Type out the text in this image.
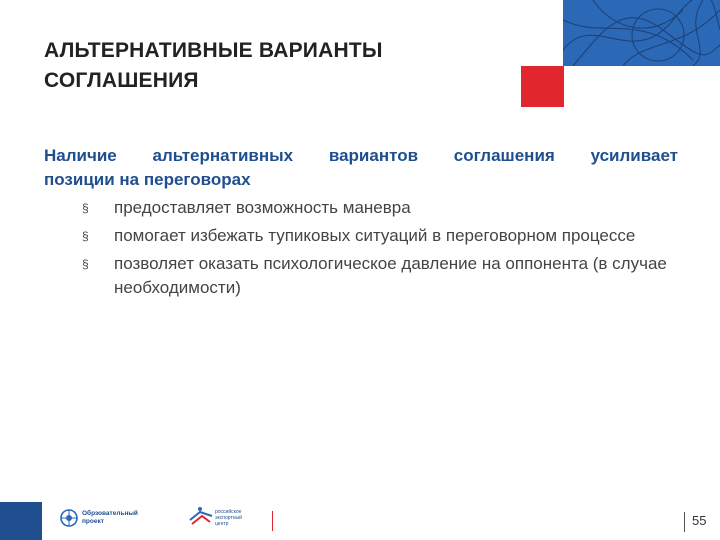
АЛЬТЕРНАТИВНЫЕ ВАРИАНТЫ
СОГЛАШЕНИЯ
Наличие альтернативных вариантов соглашения усиливает
позиции на переговорах
§ предоставляет возможность маневра
§ помогает избежать тупиковых ситуаций в переговорном процессе
§ позволяет оказать психологическое давление на оппонента (в случае необходимости)
Обрзовательный
проект
российское
экспортный
центр	55
